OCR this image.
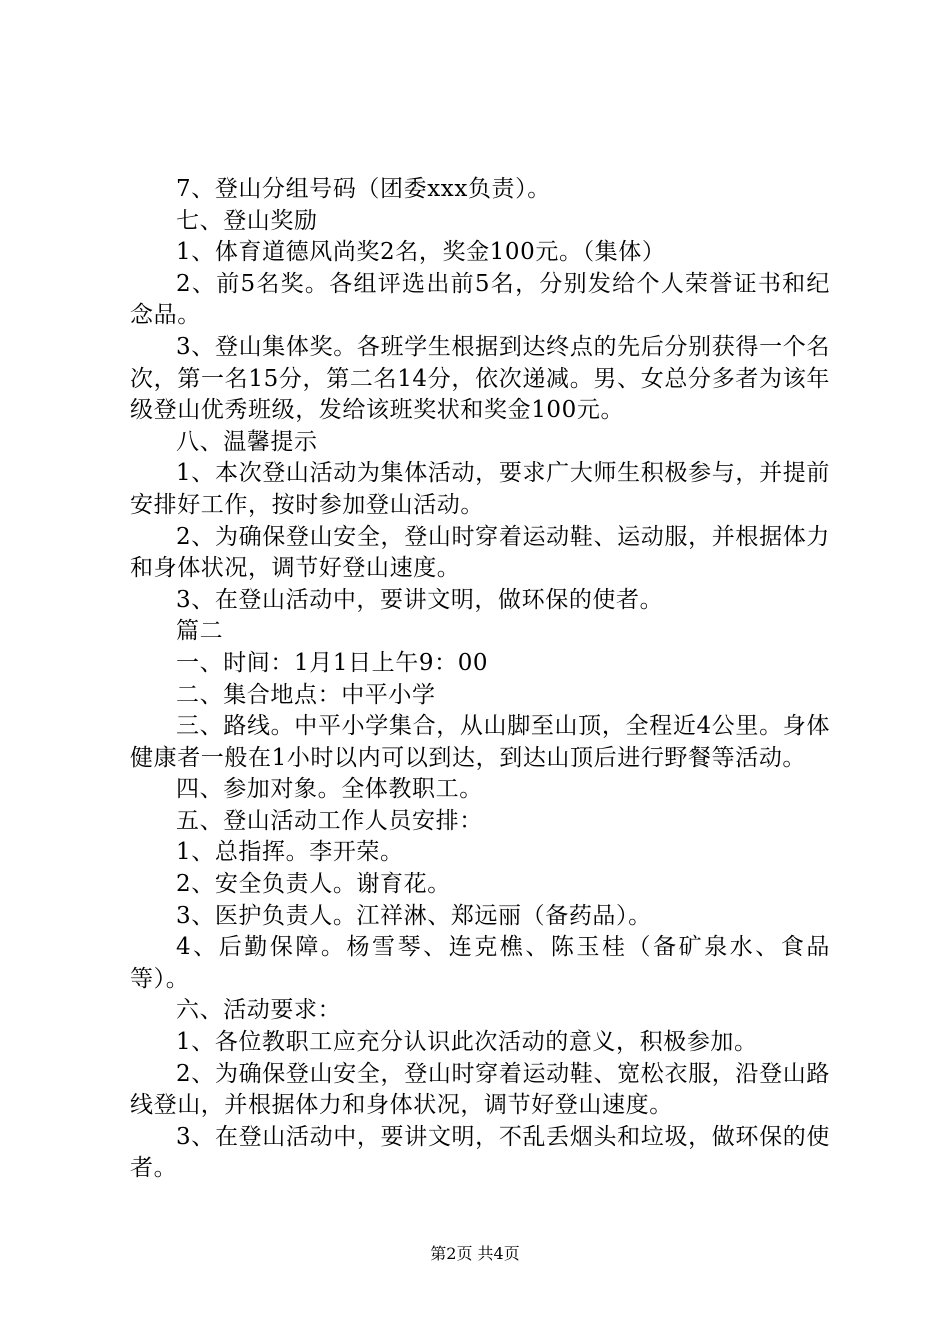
7、登山分组号码（团委xxx负责）。

七、登山奖励

1、体育道德风尚奖2名，奖金100元。（集体）

2、前5名奖。各组评选出前5名，分别发给个人荣誉证书和纪念品。

3、登山集体奖。各班学生根据到达终点的先后分别获得一个名次，第一名15分，第二名14分，依次递减。男、女总分多者为该年级登山优秀班级，发给该班奖状和奖金100元。

八、温馨提示

1、本次登山活动为集体活动，要求广大师生积极参与，并提前安排好工作，按时参加登山活动。

2、为确保登山安全，登山时穿着运动鞋、运动服，并根据体力和身体状况，调节好登山速度。

3、在登山活动中，要讲文明，做环保的使者。

篇二

一、时间：1月1日上午9：00

二、集合地点：中平小学

三、路线。中平小学集合，从山脚至山顶，全程近4公里。身体健康者一般在1小时以内可以到达，到达山顶后进行野餐等活动。

四、参加对象。全体教职工。

五、登山活动工作人员安排：

1、总指挥。李开荣。

2、安全负责人。谢育花。

3、医护负责人。江祥淋、郑远丽（备药品）。

4、后勤保障。杨雪琴、连克樵、陈玉桂（备矿泉水、食品等）。

六、活动要求：

1、各位教职工应充分认识此次活动的意义，积极参加。

2、为确保登山安全，登山时穿着运动鞋、宽松衣服，沿登山路线登山，并根据体力和身体状况，调节好登山速度。

3、在登山活动中，要讲文明，不乱丢烟头和垃圾，做环保的使者。

第2页 共4页
